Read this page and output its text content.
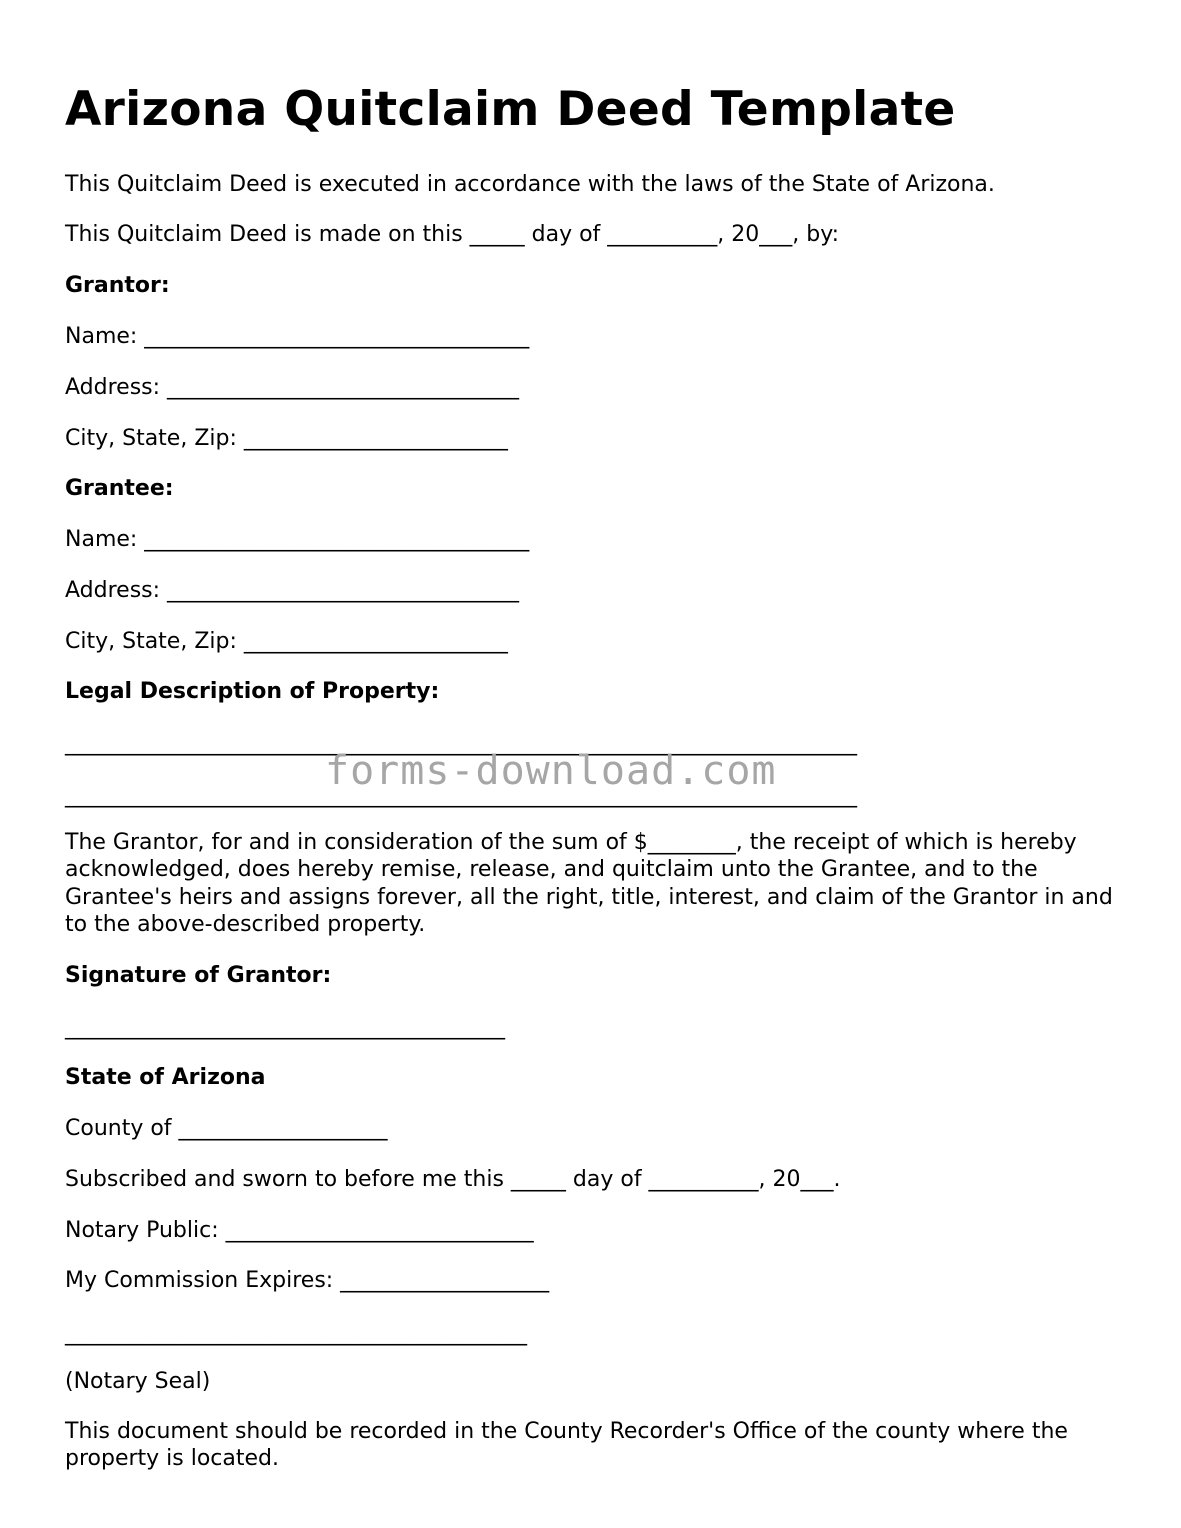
Arizona Quitclaim Deed Template

This Quitclaim Deed is executed in accordance with the laws of the State of Arizona.

This Quitclaim Deed is made on this _____ day of __________, 20___, by:

Grantor:

Name: ___________________________________

Address: ________________________________

City, State, Zip: ________________________

Grantee:

Name: ___________________________________

Address: ________________________________

City, State, Zip: ________________________

Legal Description of Property:

________________________________________________________________________

forms-download.com

________________________________________________________________________

The Grantor, for and in consideration of the sum of $________, the receipt of which is hereby acknowledged, does hereby remise, release, and quitclaim unto the Grantee, and to the Grantee's heirs and assigns forever, all the right, title, interest, and claim of the Grantor in and to the above-described property.

Signature of Grantor:

________________________________________

State of Arizona

County of ___________________

Subscribed and sworn to before me this _____ day of __________, 20___.

Notary Public: ____________________________

My Commission Expires: ___________________

__________________________________________

(Notary Seal)

This document should be recorded in the County Recorder's Office of the county where the property is located.
